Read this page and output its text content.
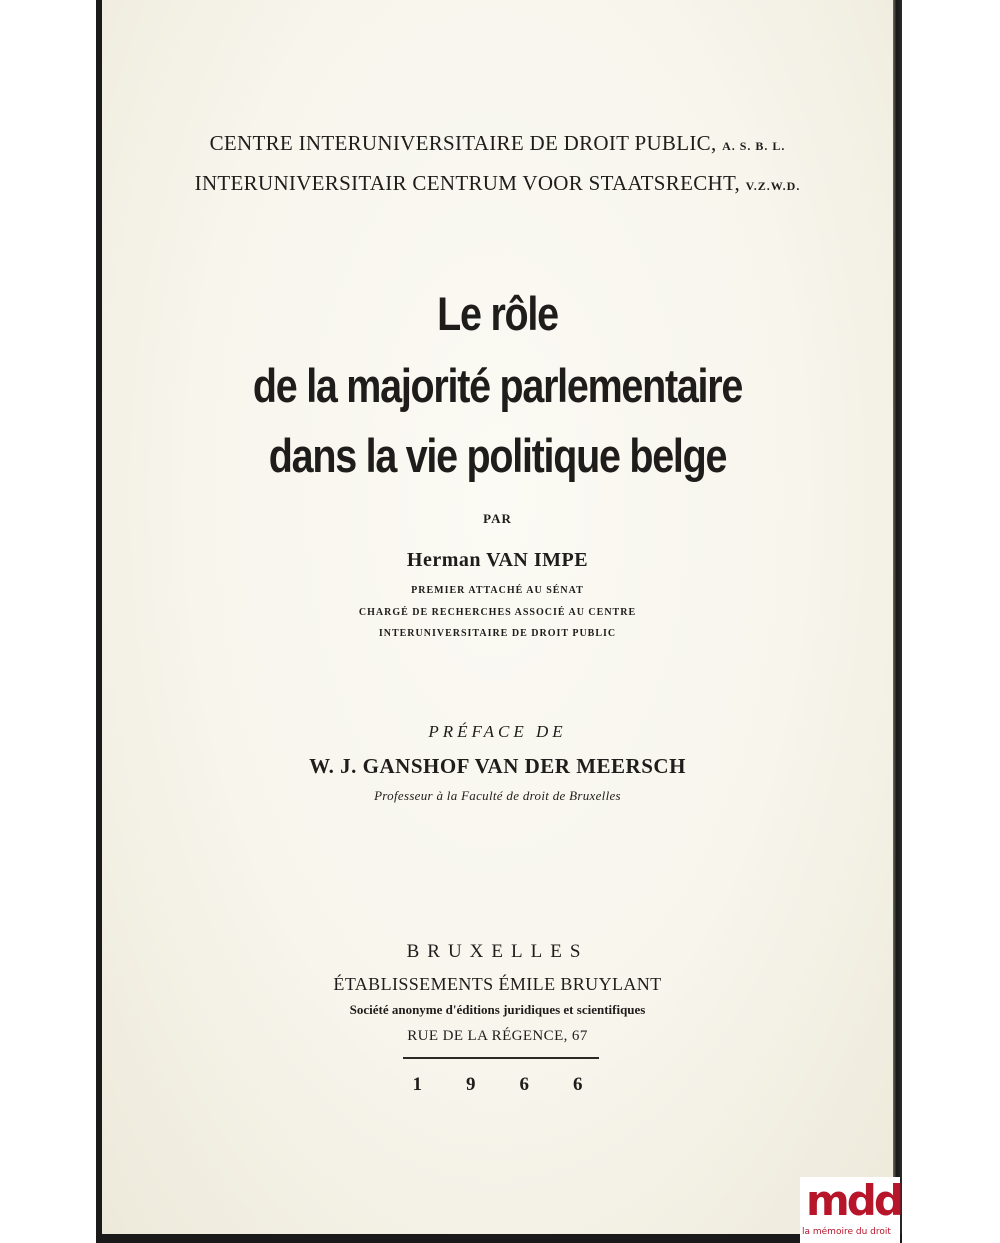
CENTRE INTERUNIVERSITAIRE DE DROIT PUBLIC, A. S. B. L.
INTERUNIVERSITAIR CENTRUM VOOR STAATSRECHT, V.Z.W.D.
Le rôle
de la majorité parlementaire
dans la vie politique belge
PAR
Herman VAN IMPE
PREMIER ATTACHÉ AU SÉNAT
CHARGÉ DE RECHERCHES ASSOCIÉ AU CENTRE
INTERUNIVERSITAIRE DE DROIT PUBLIC
PRÉFACE DE
W. J. GANSHOF VAN DER MEERSCH
Professeur à la Faculté de droit de Bruxelles
BRUXELLES
ÉTABLISSEMENTS ÉMILE BRUYLANT
Société anonyme d'éditions juridiques et scientifiques
RUE DE LA RÉGENCE, 67
1966
mdd
la mémoire du droit
